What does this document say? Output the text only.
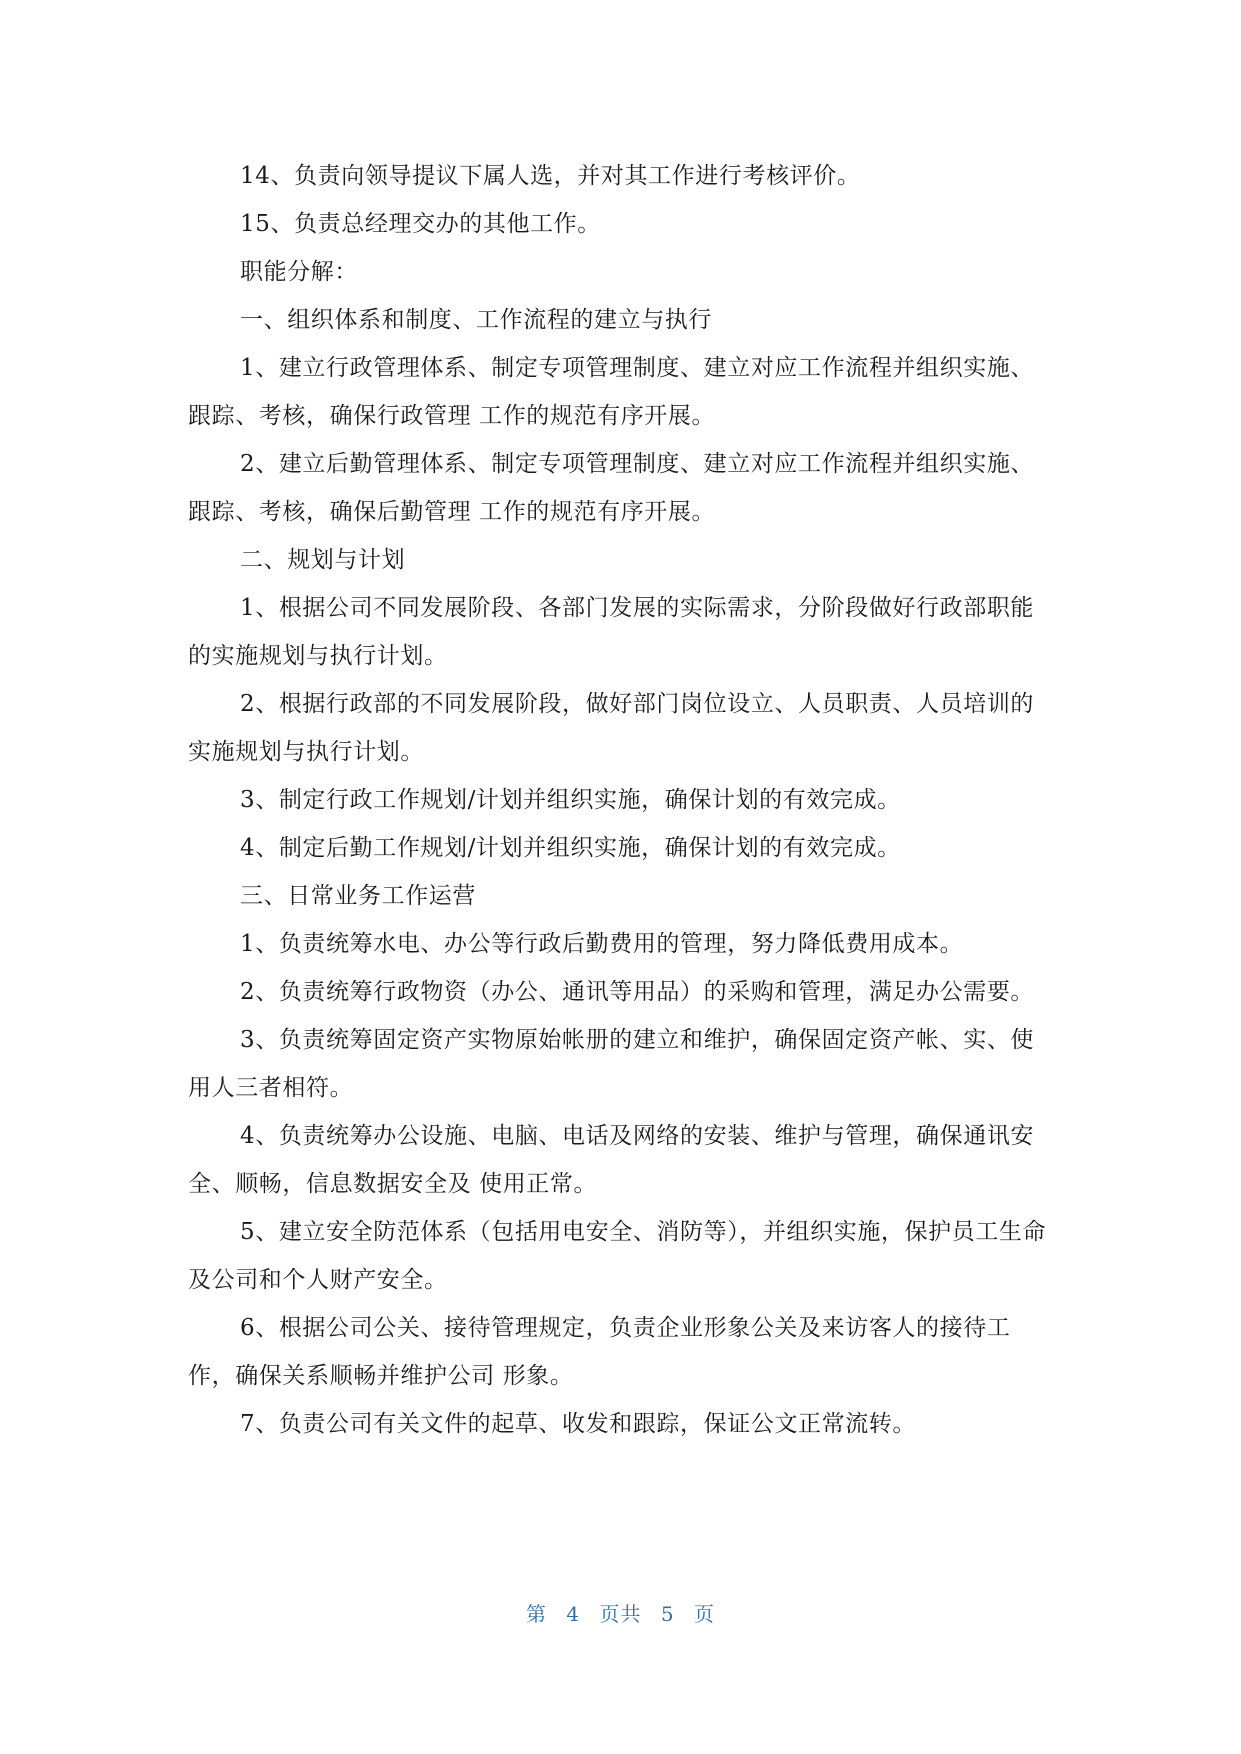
14、负责向领导提议下属人选，并对其工作进行考核评价。

15、负责总经理交办的其他工作。

职能分解：

一、组织体系和制度、工作流程的建立与执行

1、建立行政管理体系、制定专项管理制度、建立对应工作流程并组织实施、跟踪、考核，确保行政管理 工作的规范有序开展。

2、建立后勤管理体系、制定专项管理制度、建立对应工作流程并组织实施、跟踪、考核，确保后勤管理 工作的规范有序开展。

二、规划与计划

1、根据公司不同发展阶段、各部门发展的实际需求，分阶段做好行政部职能的实施规划与执行计划。

2、根据行政部的不同发展阶段，做好部门岗位设立、人员职责、人员培训的实施规划与执行计划。

3、制定行政工作规划/计划并组织实施，确保计划的有效完成。

4、制定后勤工作规划/计划并组织实施，确保计划的有效完成。

三、日常业务工作运营

1、负责统筹水电、办公等行政后勤费用的管理，努力降低费用成本。

2、负责统筹行政物资（办公、通讯等用品）的采购和管理，满足办公需要。

3、负责统筹固定资产实物原始帐册的建立和维护，确保固定资产帐、实、使用人三者相符。

4、负责统筹办公设施、电脑、电话及网络的安装、维护与管理，确保通讯安全、顺畅，信息数据安全及 使用正常。

5、建立安全防范体系（包括用电安全、消防等），并组织实施，保护员工生命及公司和个人财产安全。

6、根据公司公关、接待管理规定，负责企业形象公关及来访客人的接待工作，确保关系顺畅并维护公司 形象。

7、负责公司有关文件的起草、收发和跟踪，保证公文正常流转。

第 4 页共 5 页
